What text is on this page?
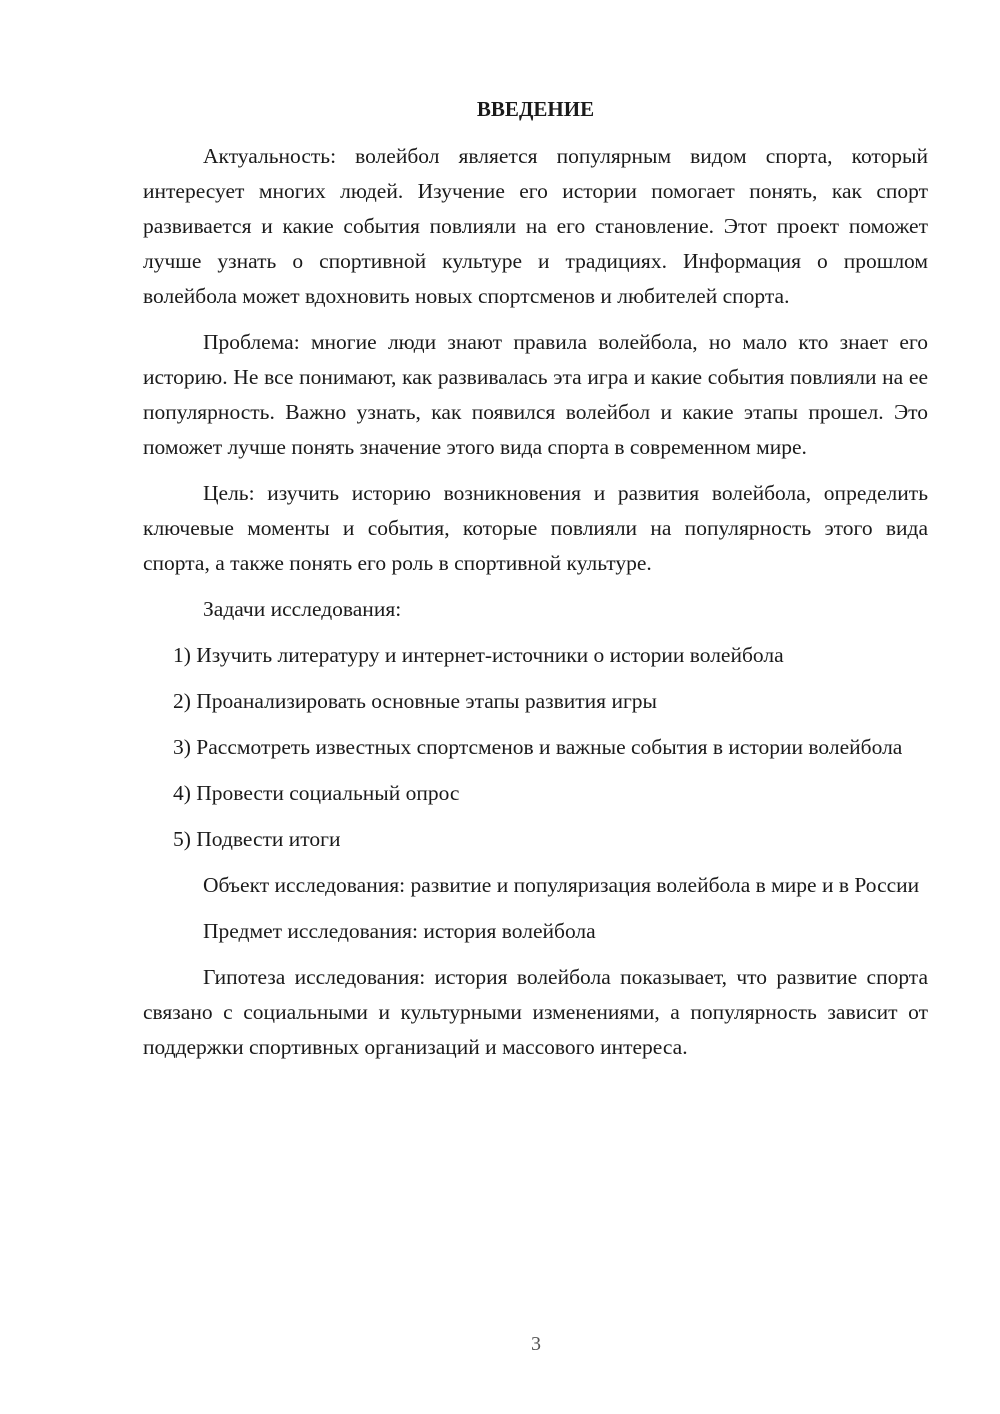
ВВЕДЕНИЕ

Актуальность: волейбол является популярным видом спорта, который интересует многих людей. Изучение его истории помогает понять, как спорт развивается и какие события повлияли на его становление. Этот проект поможет лучше узнать о спортивной культуре и традициях. Информация о прошлом волейбола может вдохновить новых спортсменов и любителей спорта.

Проблема: многие люди знают правила волейбола, но мало кто знает его историю. Не все понимают, как развивалась эта игра и какие события повлияли на ее популярность. Важно узнать, как появился волейбол и какие этапы прошел. Это поможет лучше понять значение этого вида спорта в современном мире.

Цель: изучить историю возникновения и развития волейбола, определить ключевые моменты и события, которые повлияли на популярность этого вида спорта, а также понять его роль в спортивной культуре.

Задачи исследования:

1) Изучить литературу и интернет-источники о истории волейбола

2) Проанализировать основные этапы развития игры

3) Рассмотреть известных спортсменов и важные события в истории волейбола

4) Провести социальный опрос

5) Подвести итоги

Объект исследования: развитие и популяризация волейбола в мире и в России

Предмет исследования: история волейбола

Гипотеза исследования: история волейбола показывает, что развитие спорта связано с социальными и культурными изменениями, а популярность зависит от поддержки спортивных организаций и массового интереса.

3
